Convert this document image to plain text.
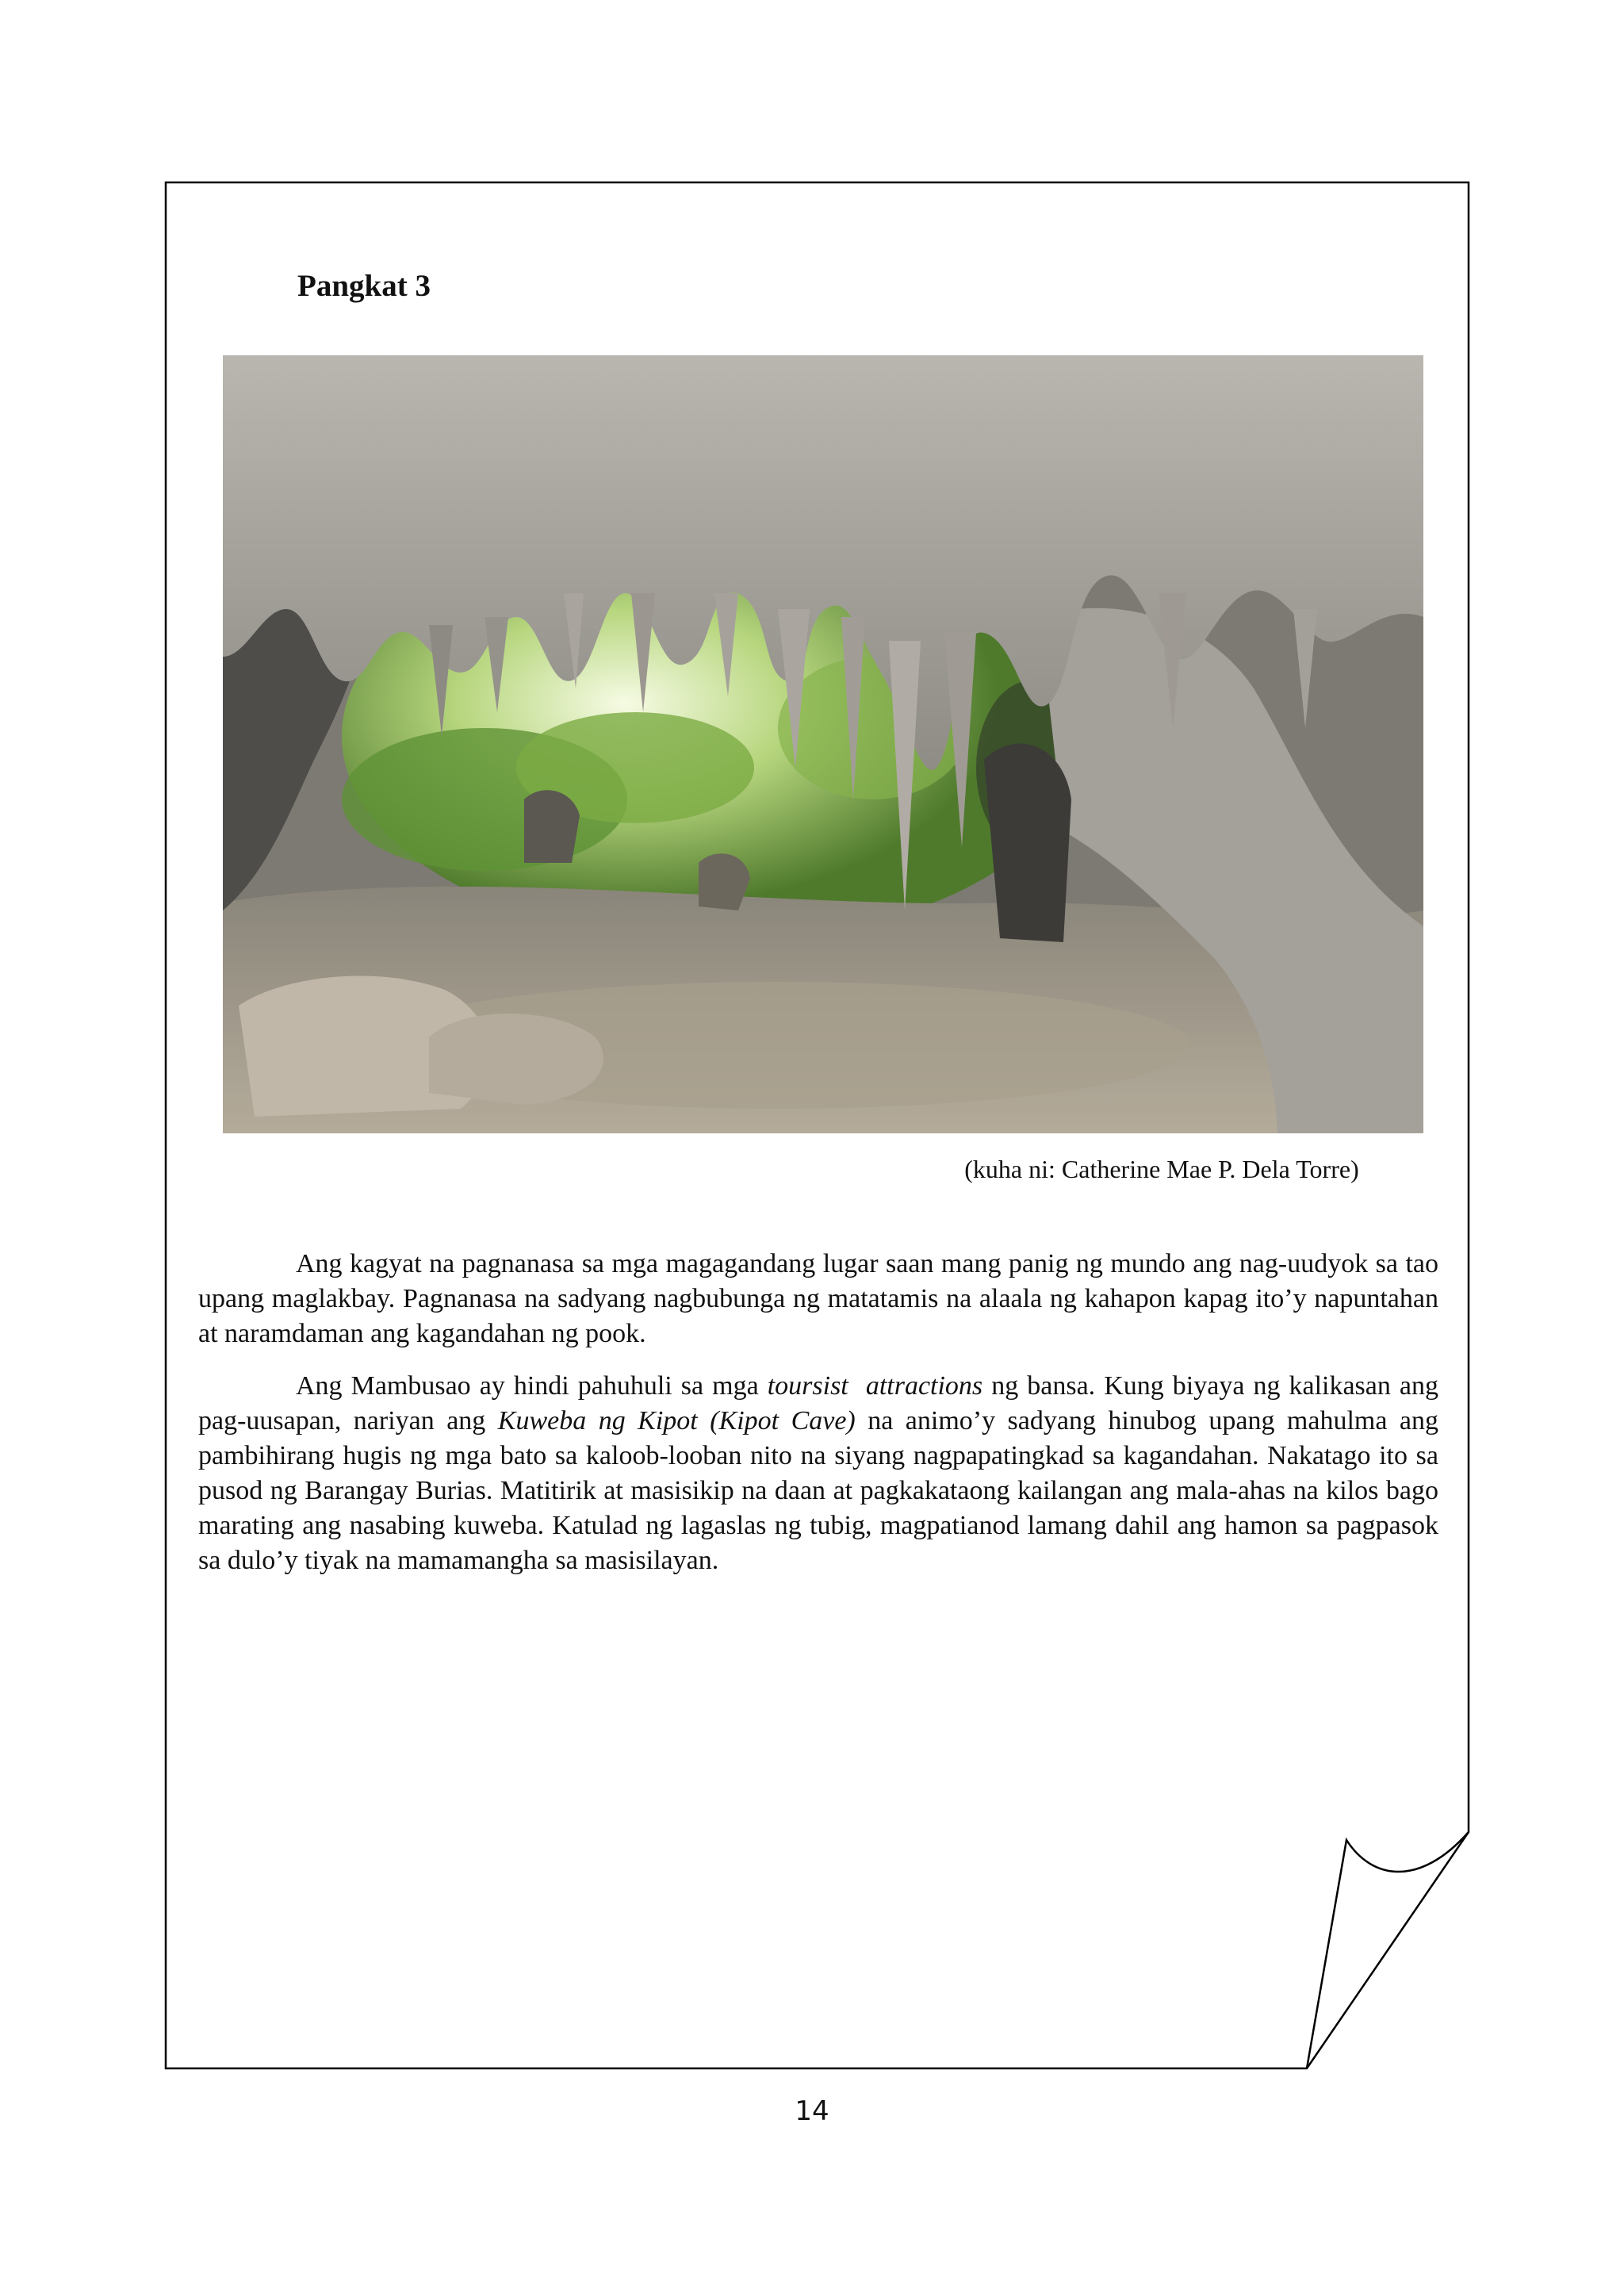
Pangkat 3
(kuha ni: Catherine Mae P. Dela Torre)

Ang kagyat na pagnanasa sa mga magagandang lugar saan mang panig ng mundo ang nag-uudyok sa tao upang maglakbay. Pagnanasa na sadyang nagbubunga ng matatamis na alaala ng kahapon kapag ito’y napuntahan at naramdaman ang kagandahan ng pook.

Ang Mambusao ay hindi pahuhuli sa mga toursist  attractions ng bansa. Kung biyaya ng kalikasan ang pag-uusapan, nariyan ang Kuweba ng Kipot (Kipot Cave) na animo’y sadyang hinubog upang mahulma ang pambihirang hugis ng mga bato sa kaloob-looban nito na siyang nagpapatingkad sa kagandahan. Nakatago ito sa pusod ng Barangay Burias. Matitirik at masisikip na daan at pagkakataong kailangan ang mala-ahas na kilos bago marating ang nasabing kuweba. Katulad ng lagaslas ng tubig, magpatianod lamang dahil ang hamon sa pagpasok sa dulo’y tiyak na mamamangha sa masisilayan.

14
